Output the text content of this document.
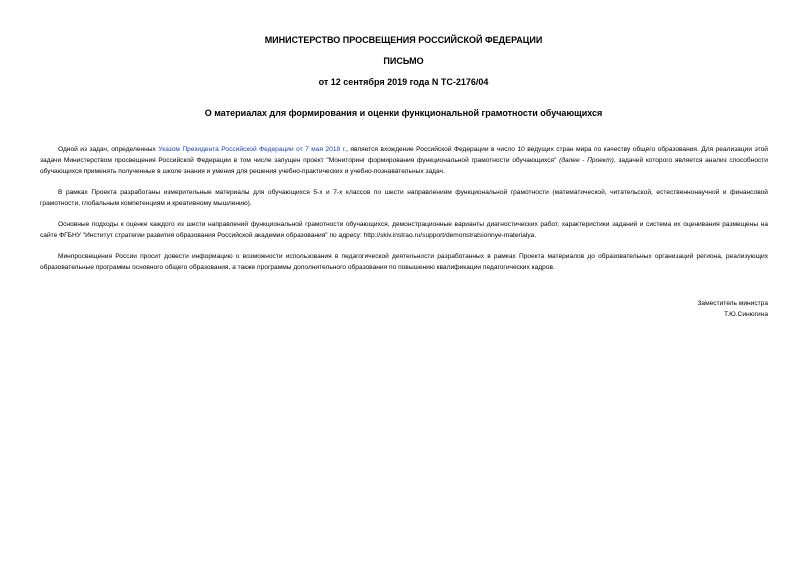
МИНИСТЕРСТВО ПРОСВЕЩЕНИЯ РОССИЙСКОЙ ФЕДЕРАЦИИ
ПИСЬМО
от 12 сентября 2019 года N ТС-2176/04
О материалах для формирования и оценки функциональной грамотности обучающихся

Одной из задач, определенных Указом Президента Российской Федерации от 7 мая 2018 г., является вхождение Российской Федерации в число 10 ведущих стран мира по качеству общего образования. Для реализации этой задачи Министерством просвещения Российской Федерации в том числе запущен проект "Мониторинг формирования функциональной грамотности обучающихся" (далее - Проект), задачей которого является анализ способности обучающихся применять полученные в школе знания и умения для решения учебно-практических и учебно-познавательных задач.

В рамках Проекта разработаны измерительные материалы для обучающихся 5-х и 7-х классов по шести направлениям функциональной грамотности (математической, читательской, естественнонаучной и финансовой грамотности, глобальным компетенциям и креативному мышлению).

Основные подходы к оценке каждого из шести направлений функциональной грамотности обучающихся, демонстрационные варианты диагностических работ, характеристики заданий и система их оценивания размещены на сайте ФГБНУ "Институт стратегии развития образования Российской академии образования" по адресу: http://skiv.instrao.ru/support/demonstratsionnye-materialya.

Минпросвещения России просит довести информацию о возможности использования в педагогической деятельности разработанных в рамках Проекта материалов до образовательных организаций региона, реализующих образовательные программы основного общего образования, а также программы дополнительного образования по повышению квалификации педагогических кадров.

Заместитель министра
Т.Ю.Синюгина
